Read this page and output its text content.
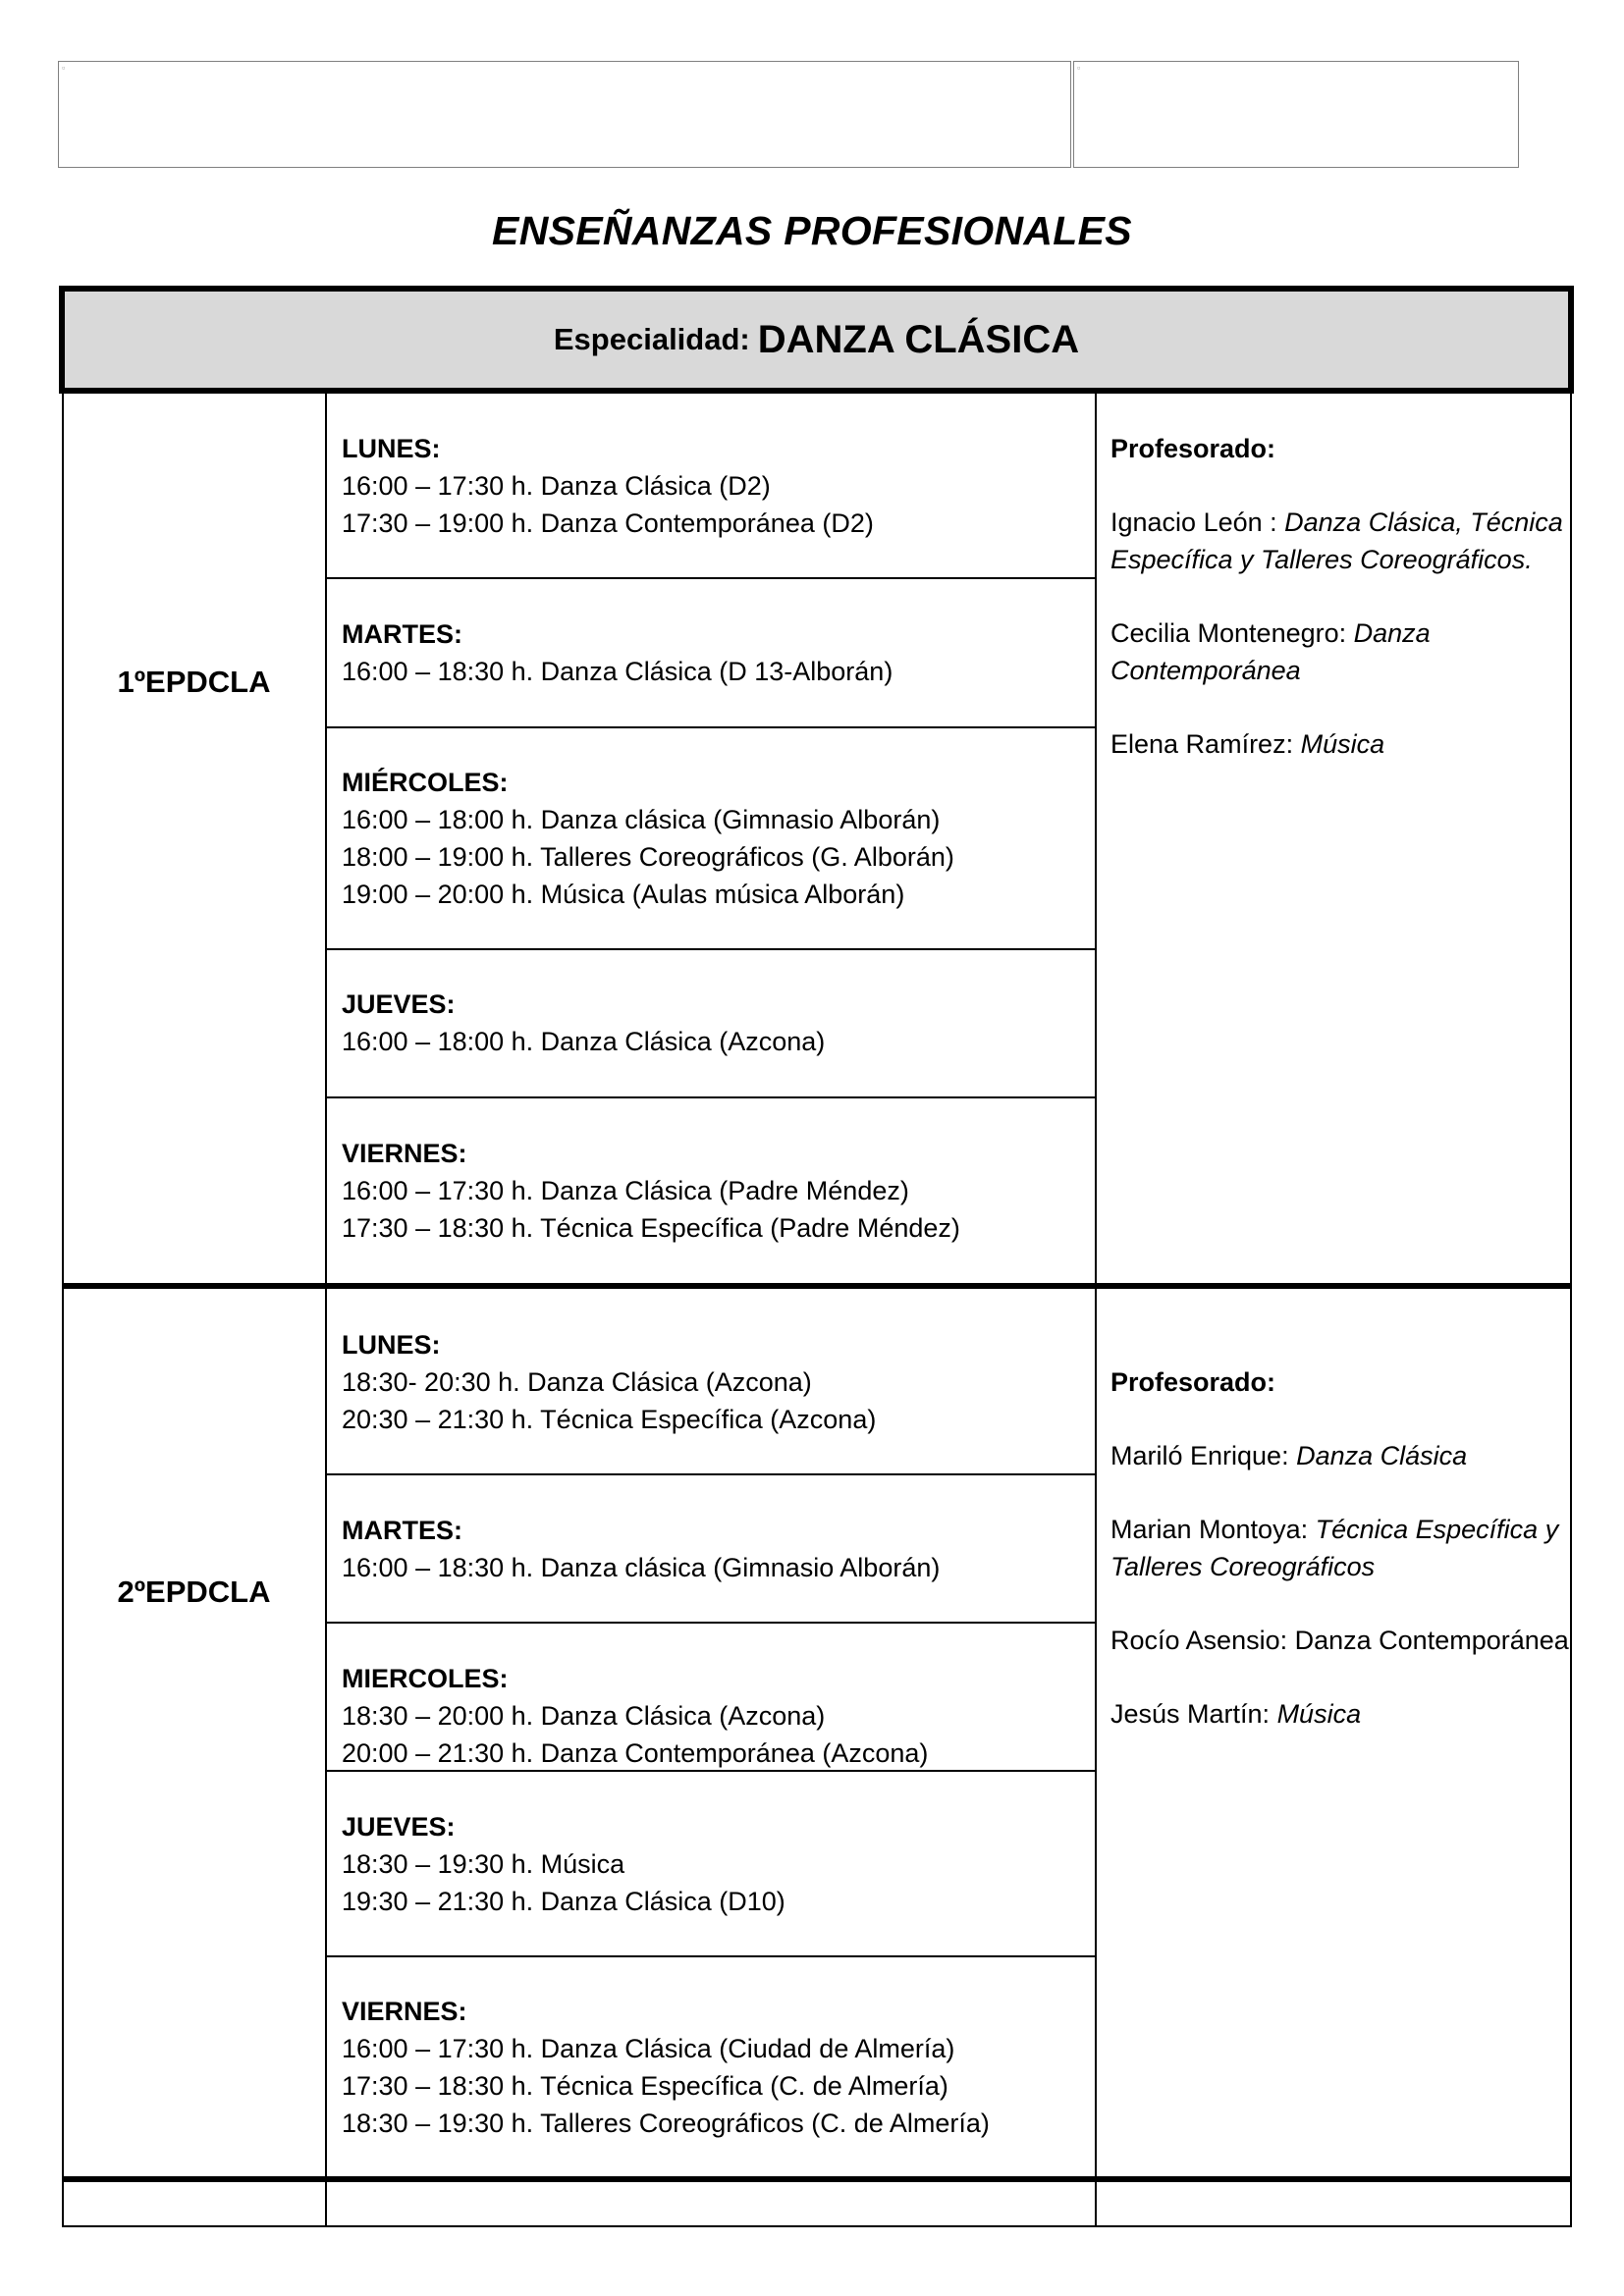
▫	▫
ENSEÑANZAS PROFESIONALES
Especialidad: DANZA CLÁSICA
1ºEPDCLA
LUNES:
16:00 – 17:30 h. Danza Clásica (D2)
17:30 – 19:00 h. Danza Contemporánea (D2)
MARTES:
16:00 – 18:30 h. Danza Clásica (D 13-Alborán)
MIÉRCOLES:
16:00 – 18:00 h. Danza clásica (Gimnasio Alborán)
18:00 – 19:00 h. Talleres Coreográficos (G. Alborán)
19:00 – 20:00 h. Música (Aulas música Alborán)
JUEVES:
16:00 – 18:00 h. Danza Clásica (Azcona)
VIERNES:
16:00 – 17:30 h. Danza Clásica (Padre Méndez)
17:30 – 18:30 h. Técnica Específica (Padre Méndez)

Profesorado:

Ignacio León : Danza Clásica, Técnica Específica y Talleres Coreográficos.

Cecilia Montenegro: Danza Contemporánea

Elena Ramírez: Música

2ºEPDCLA
LUNES:
18:30- 20:30 h. Danza Clásica (Azcona)
20:30 – 21:30 h. Técnica Específica (Azcona)
MARTES:
16:00 – 18:30 h. Danza clásica (Gimnasio Alborán)
MIERCOLES:
18:30 – 20:00 h. Danza Clásica (Azcona)
20:00 – 21:30 h. Danza Contemporánea (Azcona)
JUEVES:
18:30 – 19:30 h. Música
19:30 – 21:30 h. Danza Clásica (D10)
VIERNES:
16:00 – 17:30 h. Danza Clásica (Ciudad de Almería)
17:30 – 18:30 h. Técnica Específica (C. de Almería)
18:30 – 19:30 h. Talleres Coreográficos (C. de Almería)

Profesorado:

Mariló Enrique: Danza Clásica

Marian Montoya: Técnica Específica y Talleres Coreográficos

Rocío Asensio: Danza Contemporánea

Jesús Martín: Música
